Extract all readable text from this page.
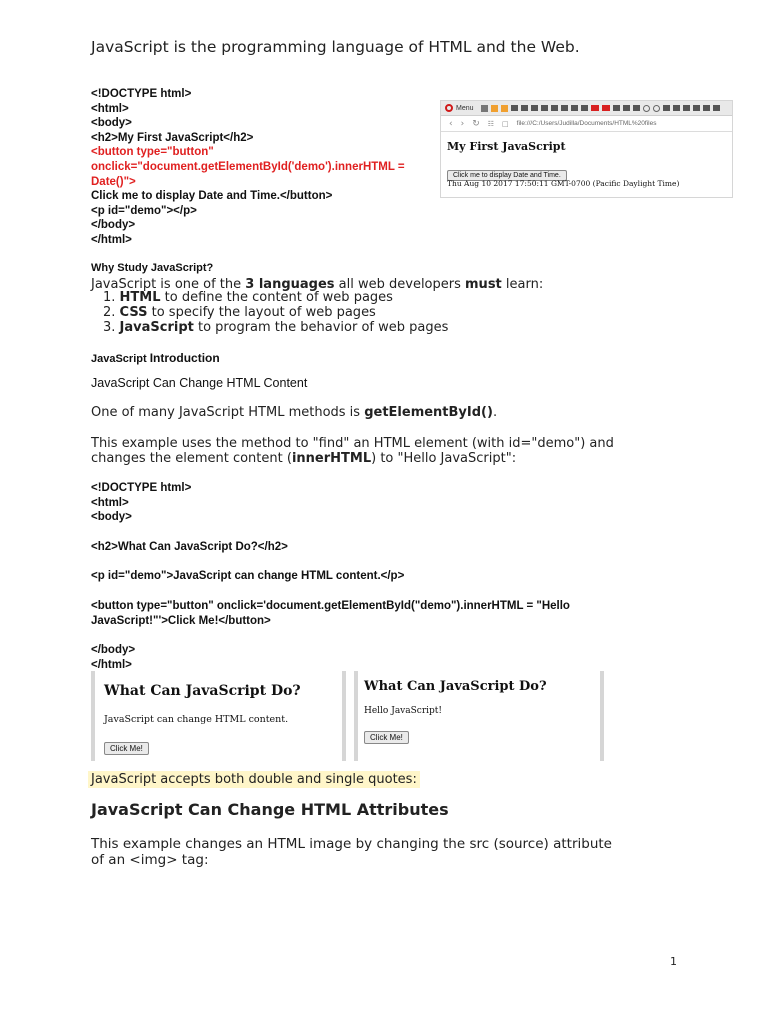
JavaScript is the programming language of HTML and the Web.
<!DOCTYPE html>
<html>
<body>
<h2>My First JavaScript</h2>
<button type="button"
onclick="document.getElementById('demo').innerHTML =
Date()">
Click me to display Date and Time.</button>
<p id="demo"></p>
</body>
</html>
Menu
‹ › ↻ ☷ □ file:///C:/Users/Judilla/Documents/HTML%20files
My First JavaScript
Click me to display Date and Time.
Thu Aug 10 2017 17:50:11 GMT-0700 (Pacific Daylight Time)
Why Study JavaScript?
JavaScript is one of the 3 languages all web developers must learn:
1. HTML to define the content of web pages
2. CSS to specify the layout of web pages
3. JavaScript to program the behavior of web pages
JavaScript Introduction
JavaScript Can Change HTML Content
One of many JavaScript HTML methods is getElementById().
This example uses the method to "find" an HTML element (with id="demo") and
changes the element content (innerHTML) to "Hello JavaScript":
<!DOCTYPE html>
<html>
<body>
<h2>What Can JavaScript Do?</h2>
<p id="demo">JavaScript can change HTML content.</p>
<button type="button" onclick='document.getElementById("demo").innerHTML = "Hello
JavaScript!"'>Click Me!</button>
</body>
</html>
What Can JavaScript Do?
JavaScript can change HTML content.
Click Me!
What Can JavaScript Do?
Hello JavaScript!
Click Me!
JavaScript accepts both double and single quotes:
JavaScript Can Change HTML Attributes
This example changes an HTML image by changing the src (source) attribute
of an <img> tag:
1
